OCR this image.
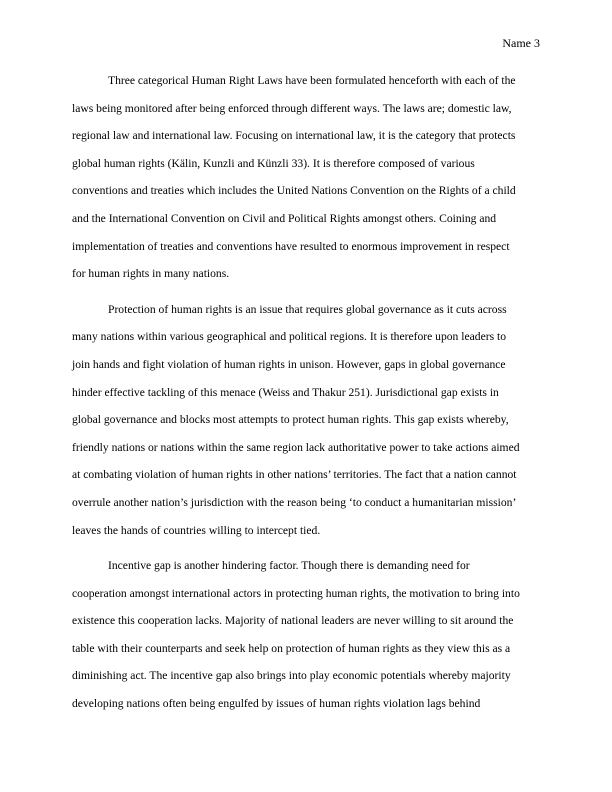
Name 3
Three categorical Human Right Laws have been formulated henceforth with each of the
laws being monitored after being enforced through different ways. The laws are; domestic law,
regional law and international law. Focusing on international law, it is the category that protects
global human rights (Kälin, Kunzli and Künzli 33). It is therefore composed of various
conventions and treaties which includes the United Nations Convention on the Rights of a child
and the International Convention on Civil and Political Rights amongst others. Coining and
implementation of treaties and conventions have resulted to enormous improvement in respect
for human rights in many nations.
Protection of human rights is an issue that requires global governance as it cuts across
many nations within various geographical and political regions. It is therefore upon leaders to
join hands and fight violation of human rights in unison. However, gaps in global governance
hinder effective tackling of this menace (Weiss and Thakur 251). Jurisdictional gap exists in
global governance and blocks most attempts to protect human rights. This gap exists whereby,
friendly nations or nations within the same region lack authoritative power to take actions aimed
at combating violation of human rights in other nations’ territories. The fact that a nation cannot
overrule another nation’s jurisdiction with the reason being ‘to conduct a humanitarian mission’
leaves the hands of countries willing to intercept tied.
Incentive gap is another hindering factor. Though there is demanding need for
cooperation amongst international actors in protecting human rights, the motivation to bring into
existence this cooperation lacks. Majority of national leaders are never willing to sit around the
table with their counterparts and seek help on protection of human rights as they view this as a
diminishing act. The incentive gap also brings into play economic potentials whereby majority
developing nations often being engulfed by issues of human rights violation lags behind
